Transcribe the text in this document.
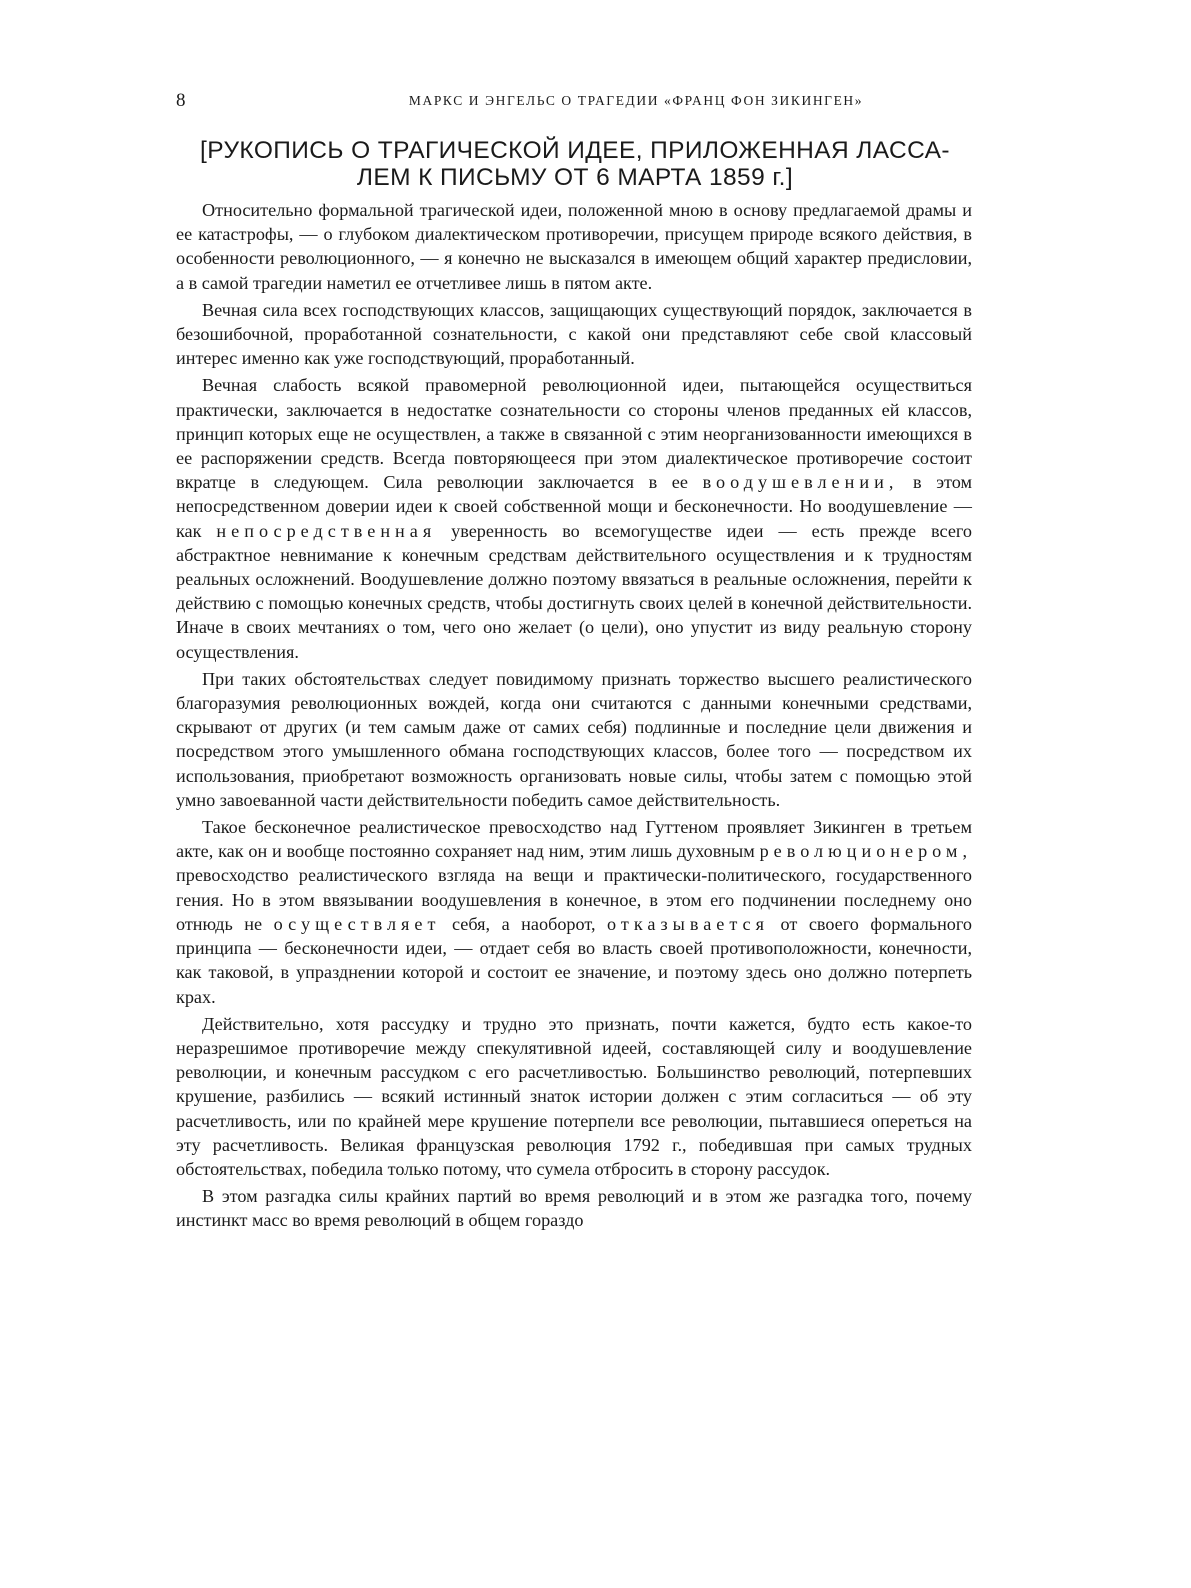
8	МАРКС И ЭНГЕЛЬС О ТРАГЕДИИ «ФРАНЦ ФОН ЗИКИНГЕН»
[РУКОПИСЬ О ТРАГИЧЕСКОЙ ИДЕЕ, ПРИЛОЖЕННАЯ ЛАССА-
ЛЕМ К ПИСЬМУ ОТ 6 МАРТА 1859 г.]

Относительно формальной трагической идеи, положенной мною в основу предлагаемой драмы и ее катастрофы, — о глубоком диалектическом противоречии, присущем природе всякого действия, в особенности революционного, — я конечно не высказался в имеющем общий характер предисловии, а в самой трагедии наметил ее отчетливее лишь в пятом акте.

Вечная сила всех господствующих классов, защищающих существующий порядок, заключается в безошибочной, проработанной сознательности, с какой они представляют себе свой классовый интерес именно как уже господствующий, проработанный.

Вечная слабость всякой правомерной революционной идеи, пытающейся осуществиться практически, заключается в недостатке сознательности со стороны членов преданных ей классов, принцип которых еще не осуществлен, а также в связанной с этим неорганизованности имеющихся в ее распоряжении средств. Всегда повторяющееся при этом диалектическое противоречие состоит вкратце в следующем. Сила революции заключается в ее воодушевлении, в этом непосредственном доверии идеи к своей собственной мощи и бесконечности. Но воодушевление — как непосредственная уверенность во всемогуществе идеи — есть прежде всего абстрактное невнимание к конечным средствам действительного осуществления и к трудностям реальных осложнений. Воодушевление должно поэтому ввязаться в реальные осложнения, перейти к действию с помощью конечных средств, чтобы достигнуть своих целей в конечной действительности. Иначе в своих мечтаниях о том, чего оно желает (о цели), оно упустит из виду реальную сторону осуществления.

При таких обстоятельствах следует повидимому признать торжество высшего реалистического благоразумия революционных вождей, когда они считаются с данными конечными средствами, скрывают от других (и тем самым даже от самих себя) подлинные и последние цели движения и посредством этого умышленного обмана господствующих классов, более того — посредством их использования, приобретают возможность организовать новые силы, чтобы затем с помощью этой умно завоеванной части действительности победить самое действительность.

Такое бесконечное реалистическое превосходство над Гуттеном проявляет Зикинген в третьем акте, как он и вообще постоянно сохраняет над ним, этим лишь духовным революционером, превосходство реалистического взгляда на вещи и практически-политического, государственного гения. Но в этом ввязывании воодушевления в конечное, в этом его подчинении последнему оно отнюдь не осуществляет себя, а наоборот, отказывается от своего формального принципа — бесконечности идеи, — отдает себя во власть своей противоположности, конечности, как таковой, в упразднении которой и состоит ее значение, и поэтому здесь оно должно потерпеть крах.

Действительно, хотя рассудку и трудно это признать, почти кажется, будто есть какое-то неразрешимое противоречие между спекулятивной идеей, составляющей силу и воодушевление революции, и конечным рассудком с его расчетливостью. Большинство революций, потерпевших крушение, разбились — всякий истинный знаток истории должен с этим согласиться — об эту расчетливость, или по крайней мере крушение потерпели все революции, пытавшиеся опереться на эту расчетливость. Великая французская революция 1792 г., победившая при самых трудных обстоятельствах, победила только потому, что сумела отбросить в сторону рассудок.

В этом разгадка силы крайних партий во время революций и в этом же разгадка того, почему инстинкт масс во время революций в общем гораздо
